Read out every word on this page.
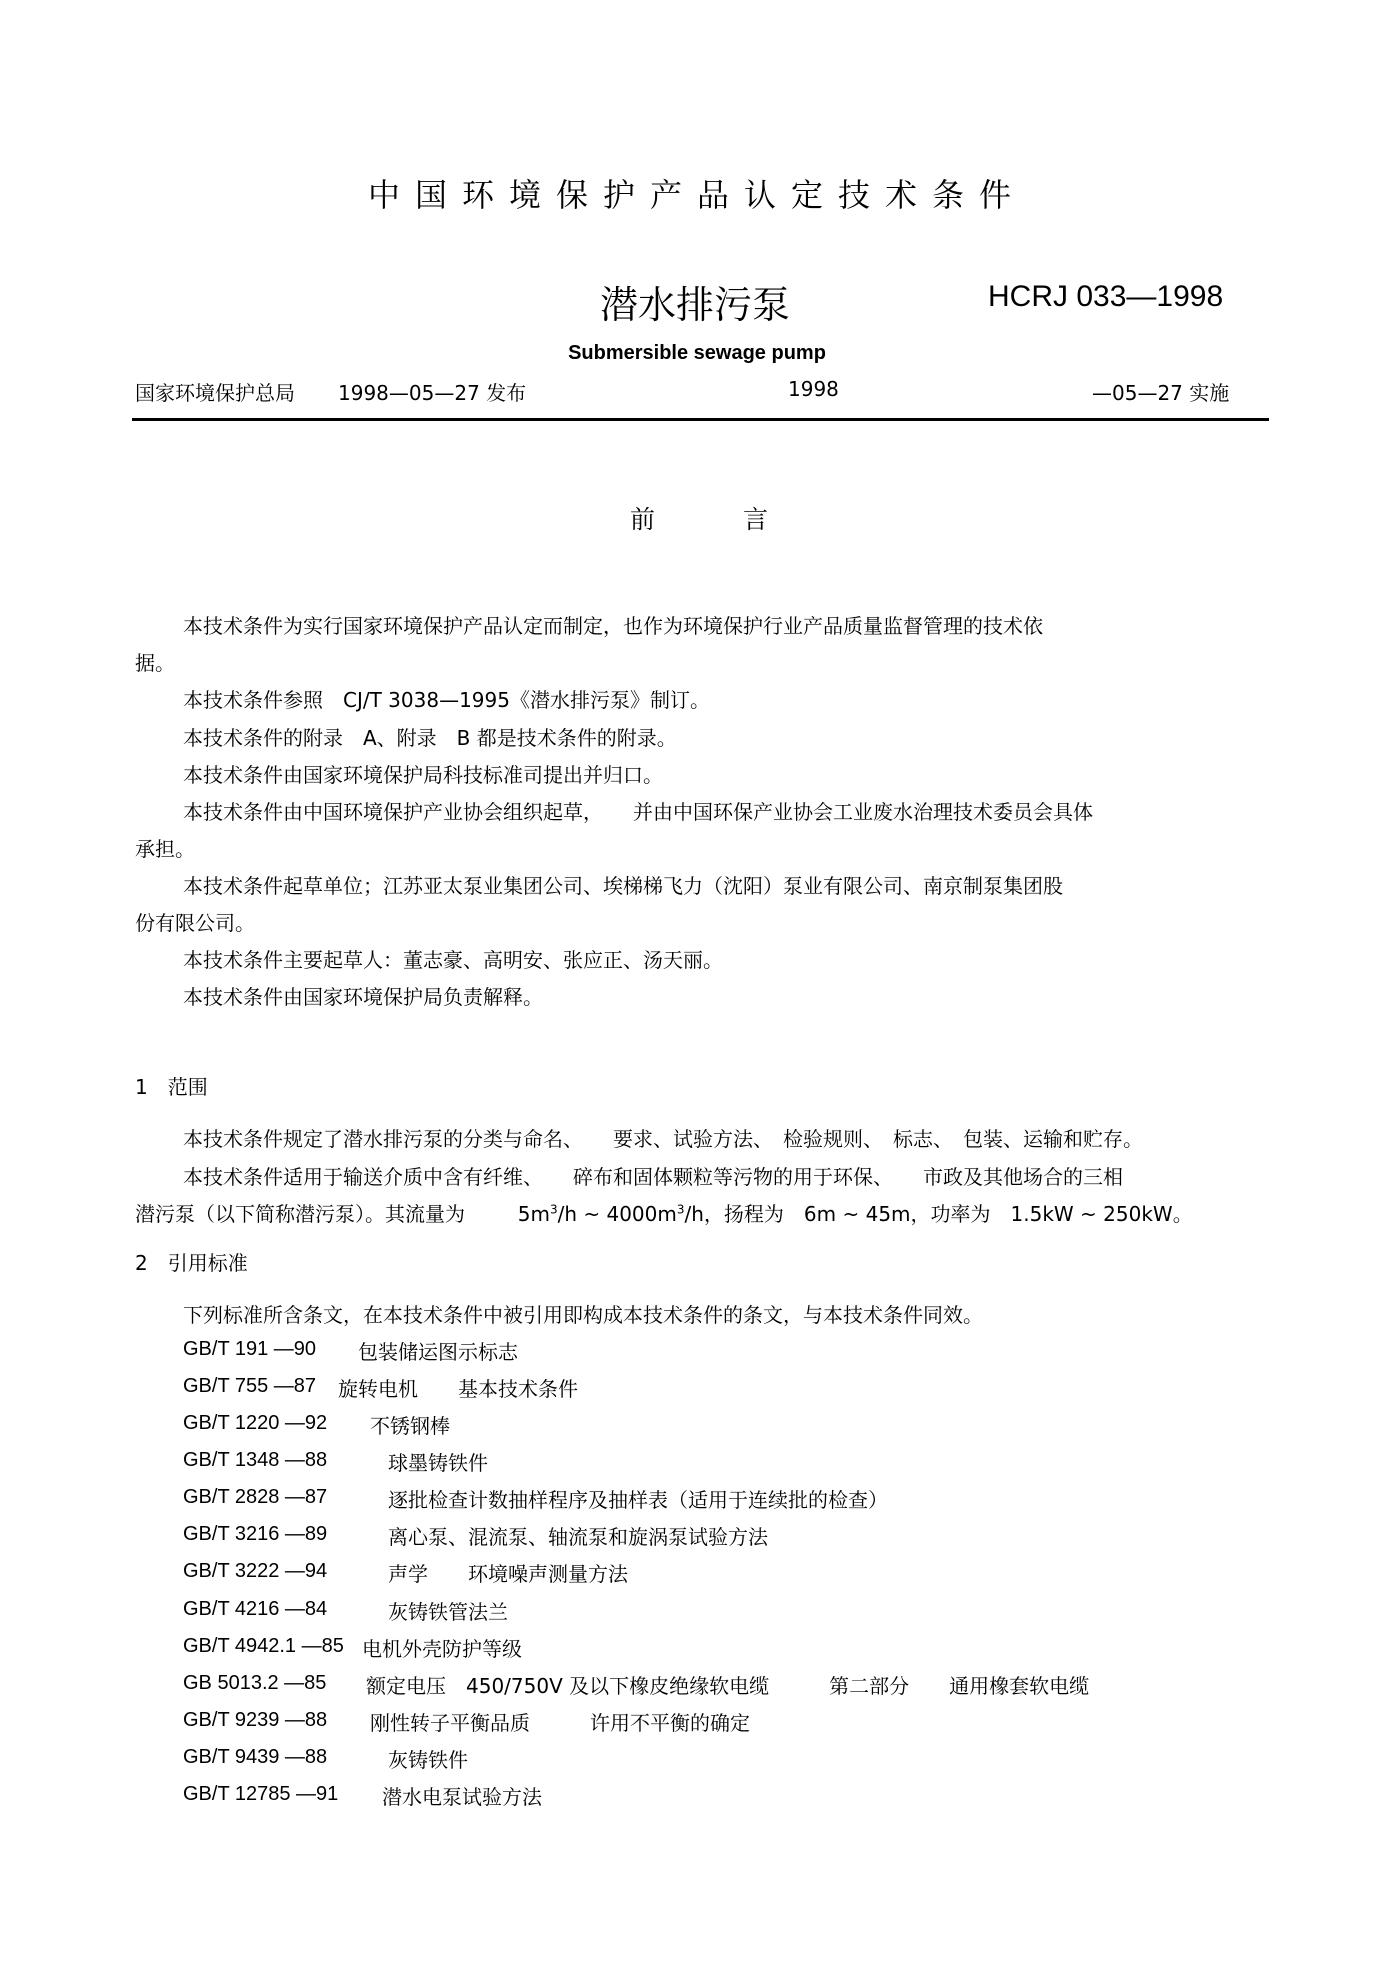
中国环境保护产品认定技术条件
潜水排污泵	HCRJ 033—1998
Submersible sewage pump
国家环境保护总局 1998—05—27 发布	1998	—05—27 实施
前	言
本技术条件为实行国家环境保护产品认定而制定，也作为环境保护行业产品质量监督管理的技术依
据。
本技术条件参照　CJ/T 3038—1995《潜水排污泵》制订。
本技术条件的附录　A、附录　B 都是技术条件的附录。
本技术条件由国家环境保护局科技标准司提出并归口。
本技术条件由中国环境保护产业协会组织起草，　　并由中国环保产业协会工业废水治理技术委员会具体
承担。
本技术条件起草单位；江苏亚太泵业集团公司、埃梯梯飞力（沈阳）泵业有限公司、南京制泵集团股
份有限公司。
本技术条件主要起草人：董志豪、高明安、张应正、汤天丽。
本技术条件由国家环境保护局负责解释。
1　范围
本技术条件规定了潜水排污泵的分类与命名、　　要求、试验方法、　检验规则、　标志、　包装、运输和贮存。
本技术条件适用于输送介质中含有纤维、　　碎布和固体颗粒等污物的用于环保、　　市政及其他场合的三相
潜污泵（以下简称潜污泵）。其流量为	$5m^3/h$ ~ $4000m^3/h$，扬程为　6m ~ 45m，功率为　1.5kW ~ 250kW。
2　引用标准
下列标准所含条文，在本技术条件中被引用即构成本技术条件的条文，与本技术条件同效。
GB/T 191 —90 包装储运图示标志
GB/T 755 —87 旋转电机　　基本技术条件
GB/T 1220 —92 不锈钢棒
GB/T 1348 —88	球墨铸铁件
GB/T 2828 —87	逐批检查计数抽样程序及抽样表（适用于连续批的检查）
GB/T 3216 —89	离心泵、混流泵、轴流泵和旋涡泵试验方法
GB/T 3222 —94	声学　　环境噪声测量方法
GB/T 4216 —84	灰铸铁管法兰
GB/T 4942.1 —85 电机外壳防护等级
GB 5013.2 —85 额定电压　450/750V 及以下橡皮绝缘软电缆　　　第二部分　　通用橡套软电缆
GB/T 9239 —88 刚性转子平衡品质　　　许用不平衡的确定
GB/T 9439 —88	灰铸铁件
GB/T 12785 —91 潜水电泵试验方法
